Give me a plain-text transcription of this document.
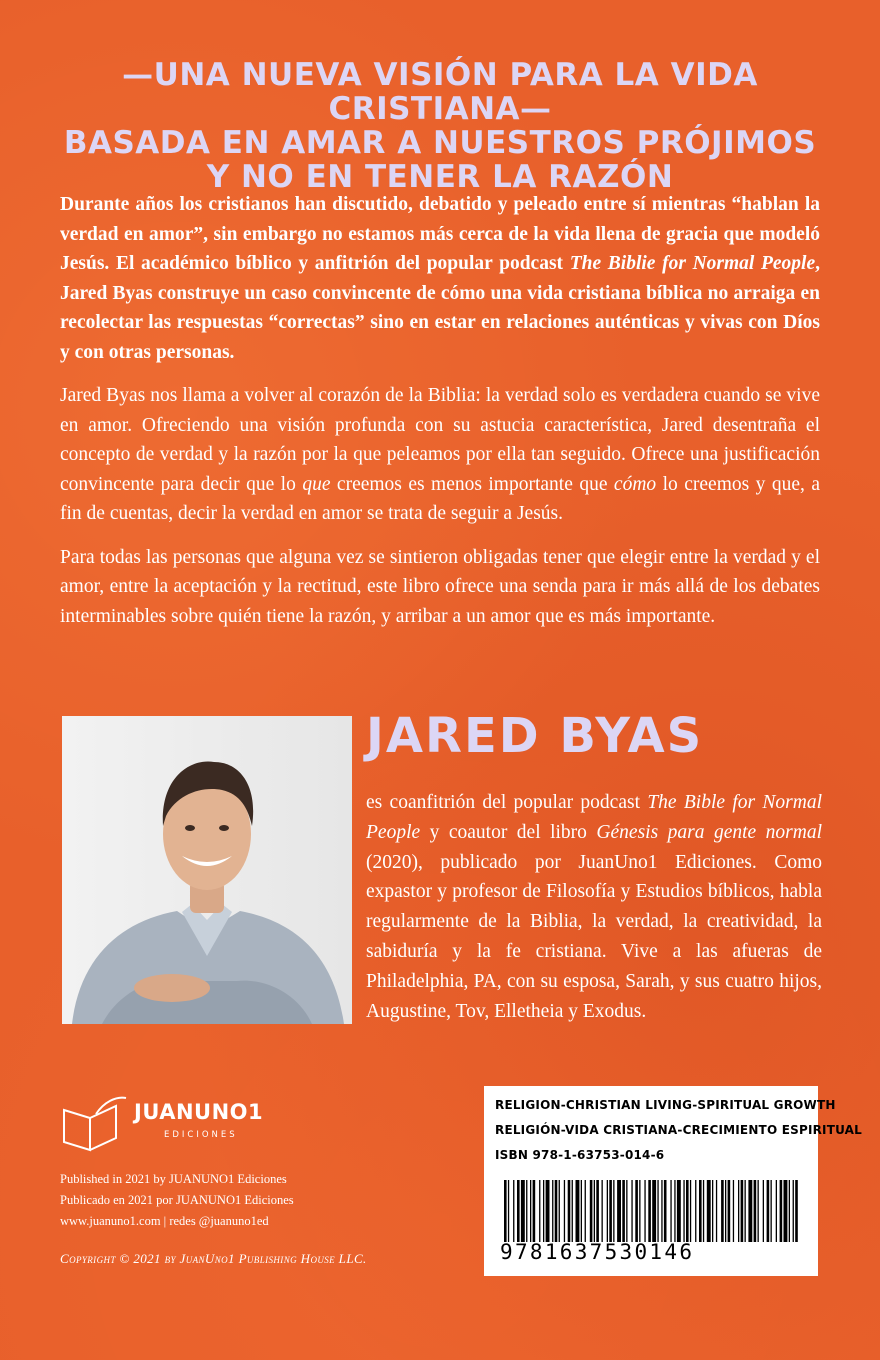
—UNA NUEVA VISIÓN PARA LA VIDA CRISTIANA—
BASADA EN AMAR A NUESTROS PRÓJIMOS
Y NO EN TENER LA RAZÓN

Durante años los cristianos han discutido, debatido y peleado entre sí mientras “hablan la verdad en amor”, sin embargo no estamos más cerca de la vida llena de gracia que modeló Jesús. El académico bíblico y anfitrión del popular podcast The Biblie for Normal People, Jared Byas construye un caso convincente de cómo una vida cristiana bíblica no arraiga en recolectar las respuestas “correctas” sino en estar en relaciones auténticas y vivas con Díos y con otras personas.

Jared Byas nos llama a volver al corazón de la Biblia: la verdad solo es verdadera cuando se vive en amor. Ofreciendo una visión profunda con su astucia característica, Jared desentraña el concepto de verdad y la razón por la que peleamos por ella tan seguido. Ofrece una justificación convincente para decir que lo que creemos es menos importante que cómo lo creemos y que, a fin de cuentas, decir la verdad en amor se trata de seguir a Jesús.

Para todas las personas que alguna vez se sintieron obligadas tener que elegir entre la verdad y el amor, entre la aceptación y la rectitud, este libro ofrece una senda para ir más allá de los debates interminables sobre quién tiene la razón, y arribar a un amor que es más importante.

JARED BYAS

es coanfitrión del popular podcast The Bible for Normal People y coautor del libro Génesis para gente normal (2020), publicado por JuanUno1 Ediciones. Como expastor y profesor de Filosofía y Estudios bíblicos, habla regularmente de la Biblia, la verdad, la creatividad, la sabiduría y la fe cristiana. Vive a las afueras de Philadelphia, PA, con su esposa, Sarah, y sus cuatro hijos, Augustine, Tov, Elletheia y Exodus.

JUANUNO1
EDICIONES
Published in 2021 by JUANUNO1 Ediciones
Publicado en 2021 por JUANUNO1 Ediciones
www.juanuno1.com | redes @juanuno1ed
Copyright © 2021 by JuanUno1 Publishing House LLC.
RELIGION-CHRISTIAN LIVING-SPIRITUAL GROWTH
RELIGIÓN-VIDA CRISTIANA-CRECIMIENTO ESPIRITUAL
ISBN 978-1-63753-014-6
9781637530146
